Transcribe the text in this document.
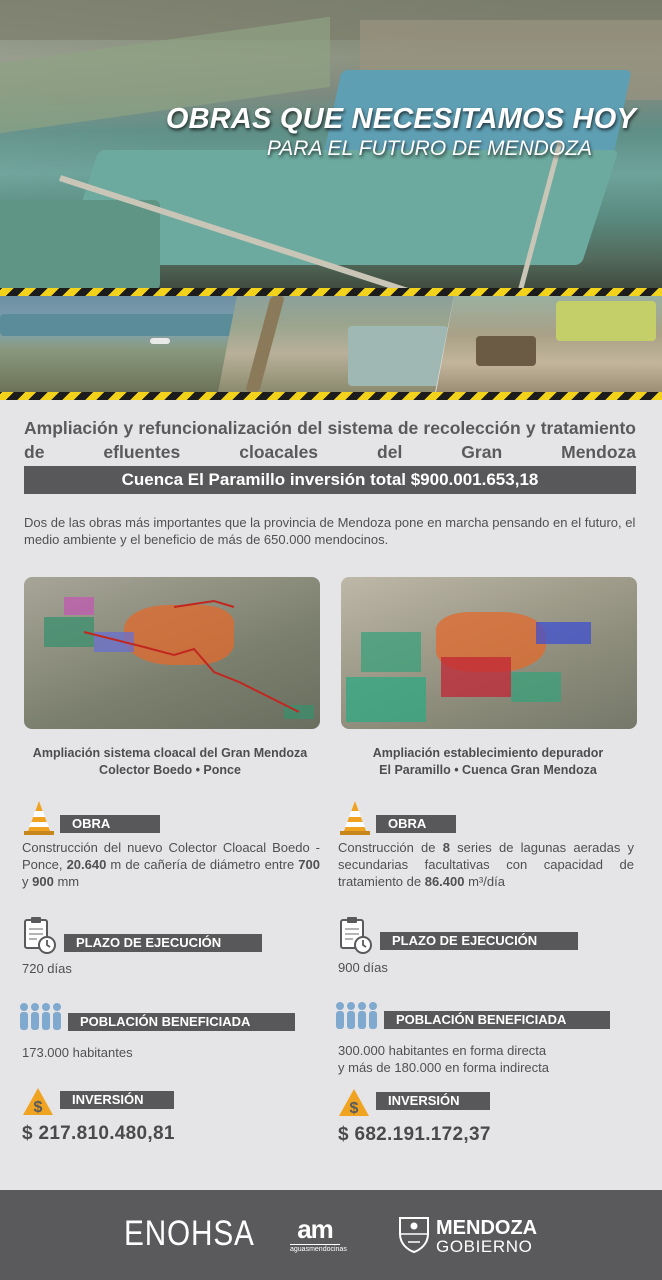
OBRAS QUE NECESITAMOS HOY
PARA EL FUTURO DE MENDOZA
Ampliación y refuncionalización del sistema de recolección y tratamiento de efluentes cloacales del Gran Mendoza
Cuenca El Paramillo inversión total $900.001.653,18
Dos de las obras más importantes que la provincia de Mendoza pone en marcha pensando en el futuro, el medio ambiente y el beneficio de más de 650.000 mendocinos.
Ampliación sistema cloacal del Gran Mendoza
Colector Boedo • Ponce
Ampliación establecimiento depurador
El Paramillo • Cuenca Gran Mendoza
OBRA
Construcción del nuevo Colector Cloacal Boedo - Ponce, 20.640 m de cañería de diámetro entre 700 y 900 mm
PLAZO DE EJECUCIÓN
720 días
POBLACIÓN BENEFICIADA
173.000 habitantes
$	INVERSIÓN
$ 217.810.480,81
OBRA
Construcción de 8 series de lagunas aeradas y secundarias facultativas con capacidad de tratamiento de 86.400 m³/día
PLAZO DE EJECUCIÓN
900 días
POBLACIÓN BENEFICIADA
300.000 habitantes en forma directa
y más de 180.000 en forma indirecta
$	INVERSIÓN
$ 682.191.172,37
ENOHSA am
aguasmendocinas
MENDOZA
GOBIERNO
